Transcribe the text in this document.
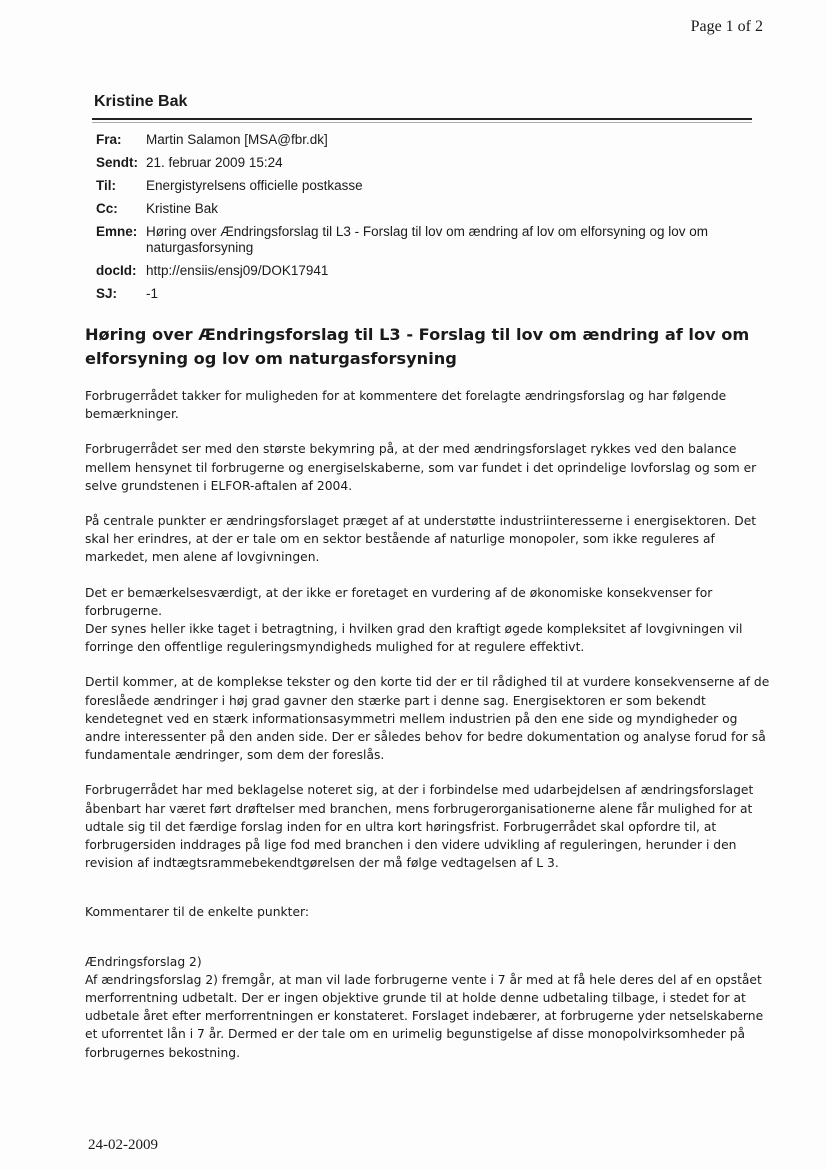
Page 1 of 2
Kristine Bak
Fra:	Martin Salamon [MSA@fbr.dk]
Sendt: 21. februar 2009 15:24
Til:	Energistyrelsens officielle postkasse
Cc:	Kristine Bak
Emne: Høring over Ændringsforslag til L3 - Forslag til lov om ændring af lov om elforsyning og lov om naturgasforsyning
docId: http://ensiis/ensj09/DOK17941
SJ:	-1
Høring over Ændringsforslag til L3 - Forslag til lov om ændring af lov om elforsyning og lov om naturgasforsyning

Forbrugerrådet takker for muligheden for at kommentere det forelagte ændringsforslag og har følgende bemærkninger.

Forbrugerrådet ser med den største bekymring på, at der med ændringsforslaget rykkes ved den balance mellem hensynet til forbrugerne og energiselskaberne, som var fundet i det oprindelige lovforslag og som er selve grundstenen i ELFOR-aftalen af 2004.

På centrale punkter er ændringsforslaget præget af at understøtte industriinteresserne i energisektoren. Det skal her erindres, at der er tale om en sektor bestående af naturlige monopoler, som ikke reguleres af markedet, men alene af lovgivningen.

Det er bemærkelsesværdigt, at der ikke er foretaget en vurdering af de økonomiske konsekvenser for forbrugerne.
Der synes heller ikke taget i betragtning, i hvilken grad den kraftigt øgede kompleksitet af lovgivningen vil forringe den offentlige reguleringsmyndigheds mulighed for at regulere effektivt.

Dertil kommer, at de komplekse tekster og den korte tid der er til rådighed til at vurdere konsekvenserne af de foreslåede ændringer i høj grad gavner den stærke part i denne sag. Energisektoren er som bekendt kendetegnet ved en stærk informationsasymmetri mellem industrien på den ene side og myndigheder og andre interessenter på den anden side. Der er således behov for bedre dokumentation og analyse forud for så fundamentale ændringer, som dem der foreslås.

Forbrugerrådet har med beklagelse noteret sig, at der i forbindelse med udarbejdelsen af ændringsforslaget åbenbart har været ført drøftelser med branchen, mens forbrugerorganisationerne alene får mulighed for at udtale sig til det færdige forslag inden for en ultra kort høringsfrist. Forbrugerrådet skal opfordre til, at forbrugersiden inddrages på lige fod med branchen i den videre udvikling af reguleringen, herunder i den revision af indtægtsrammebekendtgørelsen der må følge vedtagelsen af L 3.

Kommentarer til de enkelte punkter:

Ændringsforslag 2)
Af ændringsforslag 2) fremgår, at man vil lade forbrugerne vente i 7 år med at få hele deres del af en opstået merforrentning udbetalt. Der er ingen objektive grunde til at holde denne udbetaling tilbage, i stedet for at udbetale året efter merforrentningen er konstateret. Forslaget indebærer, at forbrugerne yder netselskaberne et uforrentet lån i 7 år. Dermed er der tale om en urimelig begunstigelse af disse monopolvirksomheder på forbrugernes bekostning.

24-02-2009
